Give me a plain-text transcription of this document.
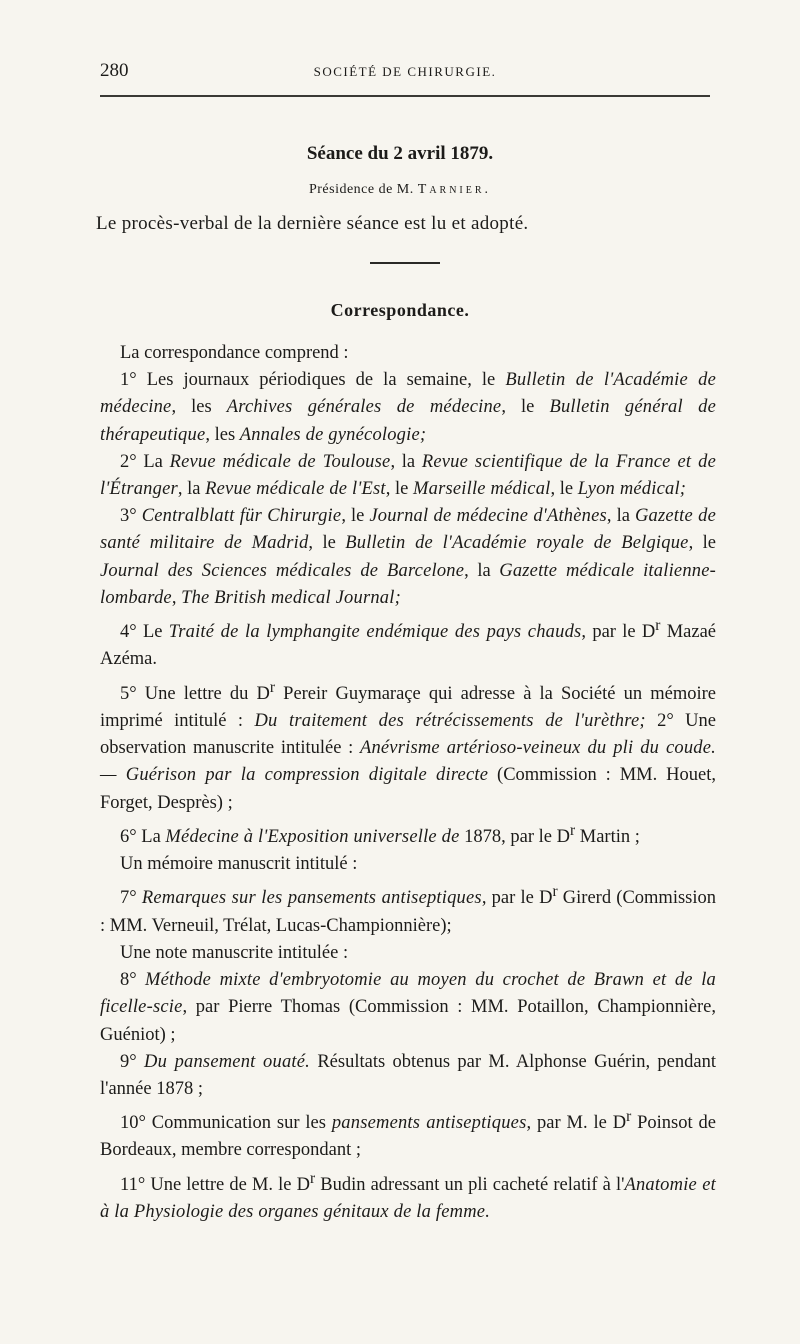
280	SOCIÉTÉ DE CHIRURGIE.
Séance du 2 avril 1879.
Présidence de M. Tarnier.
Le procès-verbal de la dernière séance est lu et adopté.
Correspondance.

La correspondance comprend :

1° Les journaux périodiques de la semaine, le Bulletin de l'Académie de médecine, les Archives générales de médecine, le Bulletin général de thérapeutique, les Annales de gynécologie;

2° La Revue médicale de Toulouse, la Revue scientifique de la France et de l'Étranger, la Revue médicale de l'Est, le Marseille médical, le Lyon médical;

3° Centralblatt für Chirurgie, le Journal de médecine d'Athènes, la Gazette de santé militaire de Madrid, le Bulletin de l'Académie royale de Belgique, le Journal des Sciences médicales de Barcelone, la Gazette médicale italienne-lombarde, The British medical Journal;

4° Le Traité de la lymphangite endémique des pays chauds, par le $D^r$ Mazaé Azéma.

5° Une lettre du $D^r$ Pereir Guymaraçe qui adresse à la Société un mémoire imprimé intitulé : Du traitement des rétrécissements de l'urèthre; 2° Une observation manuscrite intitulée : Anévrisme artérioso-veineux du pli du coude. — Guérison par la compression digitale directe (Commission : MM. Houet, Forget, Desprès) ;

6° La Médecine à l'Exposition universelle de 1878, par le $D^r$ Martin ;

Un mémoire manuscrit intitulé :

7° Remarques sur les pansements antiseptiques, par le $D^r$ Girerd (Commission : MM. Verneuil, Trélat, Lucas-Championnière);

Une note manuscrite intitulée :

8° Méthode mixte d'embryotomie au moyen du crochet de Brawn et de la ficelle-scie, par Pierre Thomas (Commission : MM. Potaillon, Championnière, Guéniot) ;

9° Du pansement ouaté. Résultats obtenus par M. Alphonse Guérin, pendant l'année 1878 ;

10° Communication sur les pansements antiseptiques, par M. le $D^r$ Poinsot de Bordeaux, membre correspondant ;

11° Une lettre de M. le $D^r$ Budin adressant un pli cacheté relatif à l'Anatomie et à la Physiologie des organes génitaux de la femme.
